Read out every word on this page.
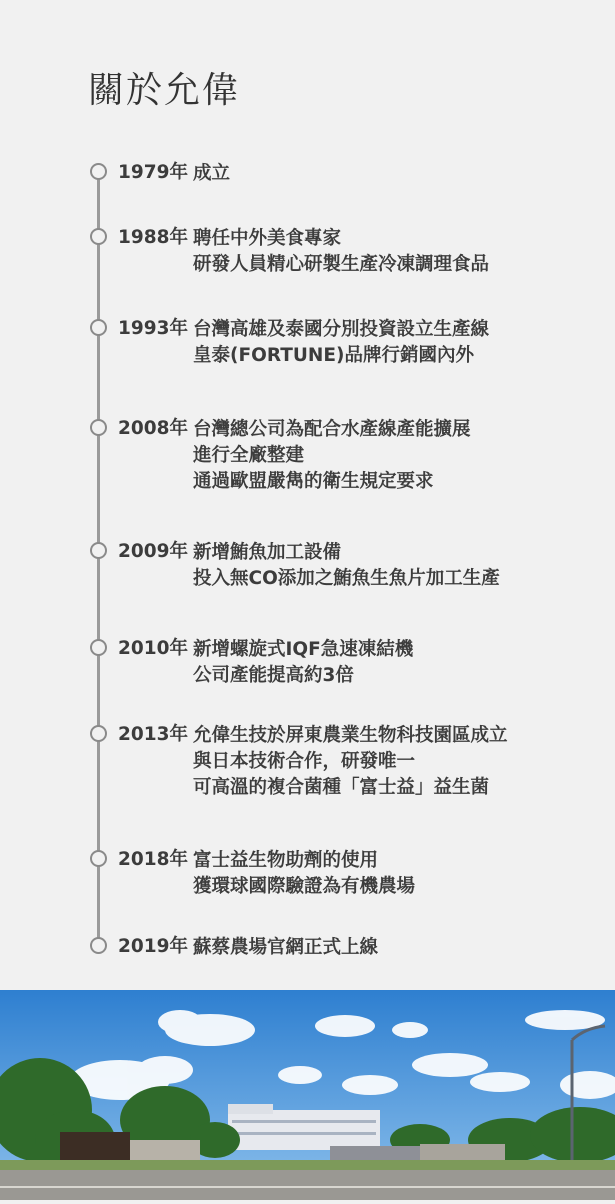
關於允偉
1979年 成立
1988年 聘任中外美食專家
研發人員精心研製生產冷凍調理食品
1993年 台灣高雄及泰國分別投資設立生產線
皇泰(FORTUNE)品牌行銷國內外
2008年 台灣總公司為配合水產線產能擴展
進行全廠整建
通過歐盟嚴雋的衛生規定要求
2009年 新增鮪魚加工設備
投入無CO添加之鮪魚生魚片加工生產
2010年 新增螺旋式IQF急速凍結機
公司產能提高約3倍
2013年 允偉生技於屏東農業生物科技園區成立
與日本技術合作，研發唯一
可高溫的複合菌種「富士益」益生菌
2018年 富士益生物助劑的使用
獲環球國際驗證為有機農場
2019年 蘇蔡農場官網正式上線
